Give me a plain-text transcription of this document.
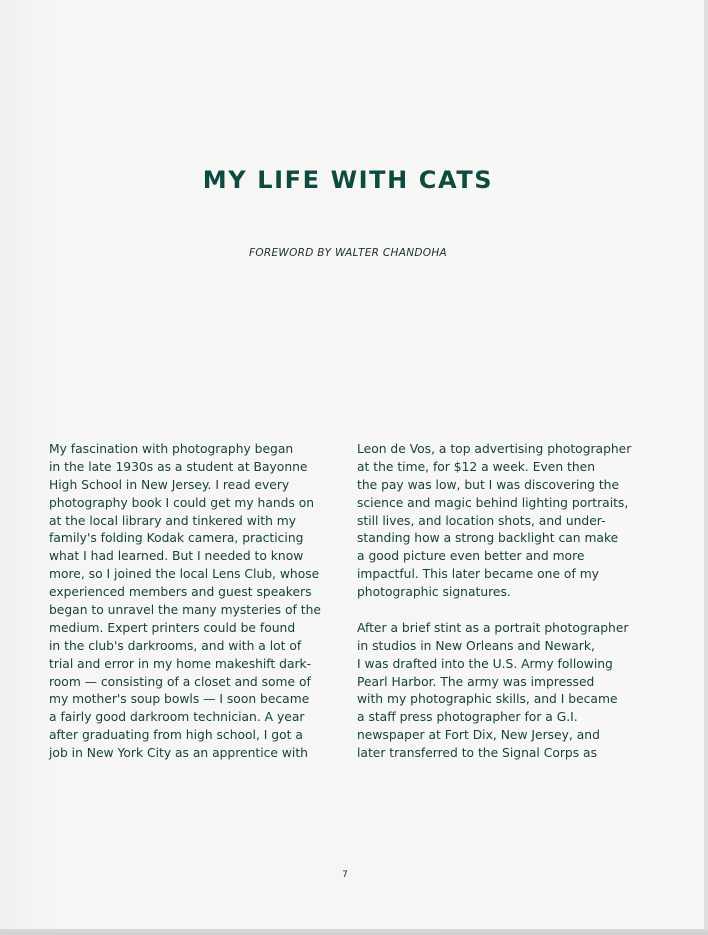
MY LIFE WITH CATS
FOREWORD BY WALTER CHANDOHA
My fascination with photography began
in the late 1930s as a student at Bayonne
High School in New Jersey. I read every
photography book I could get my hands on
at the local library and tinkered with my
family's folding Kodak camera, practicing
what I had learned. But I needed to know
more, so I joined the local Lens Club, whose
experienced members and guest speakers
began to unravel the many mysteries of the
medium. Expert printers could be found
in the club's darkrooms, and with a lot of
trial and error in my home makeshift dark-
room — consisting of a closet and some of
my mother's soup bowls — I soon became
a fairly good darkroom technician. A year
after graduating from high school, I got a
job in New York City as an apprentice with
Leon de Vos, a top advertising photographer
at the time, for $12 a week. Even then
the pay was low, but I was discovering the
science and magic behind lighting portraits,
still lives, and location shots, and under-
standing how a strong backlight can make
a good picture even better and more
impactful. This later became one of my
photographic signatures.
After a brief stint as a portrait photographer
in studios in New Orleans and Newark,
I was drafted into the U.S. Army following
Pearl Harbor. The army was impressed
with my photographic skills, and I became
a staff press photographer for a G.I.
newspaper at Fort Dix, New Jersey, and
later transferred to the Signal Corps as
7
